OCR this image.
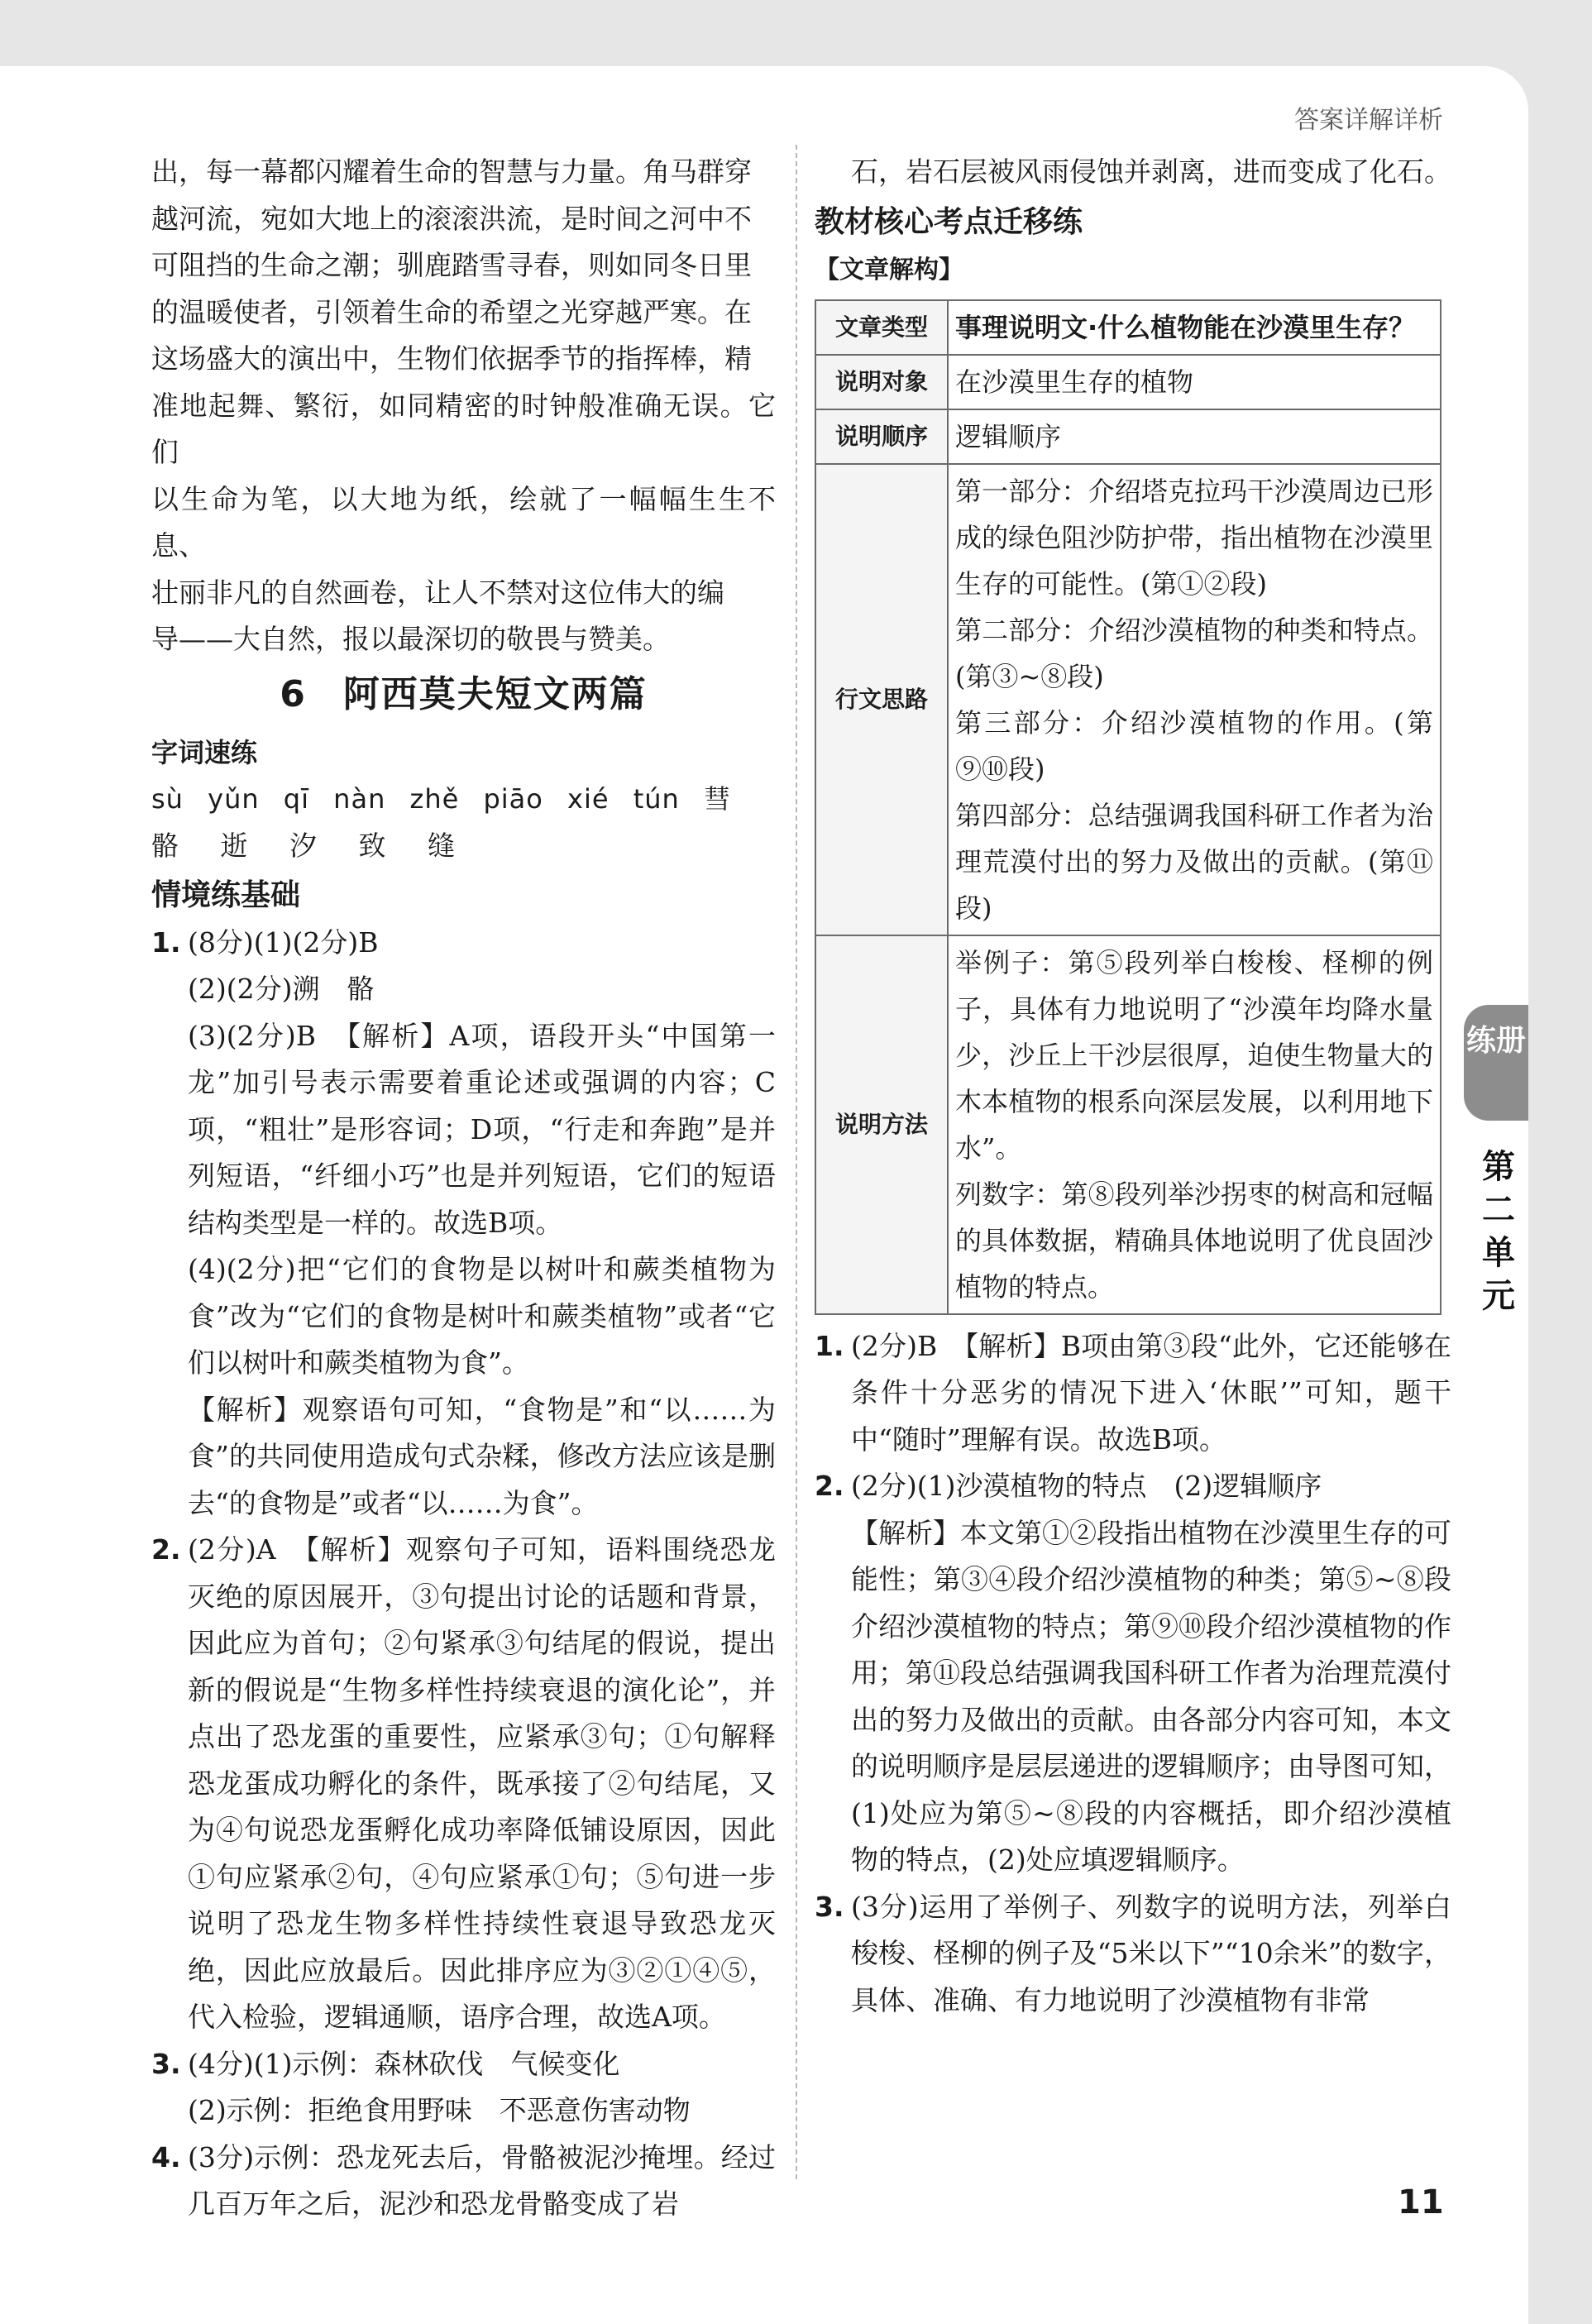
答案详解详析

出，每一幕都闪耀着生命的智慧与力量。角马群穿

越河流，宛如大地上的滚滚洪流，是时间之河中不

可阻挡的生命之潮；驯鹿踏雪寻春，则如同冬日里

的温暖使者，引领着生命的希望之光穿越严寒。在

这场盛大的演出中，生物们依据季节的指挥棒，精

准地起舞、繁衍，如同精密的时钟般准确无误。它们

以生命为笔，以大地为纸，绘就了一幅幅生生不息、

壮丽非凡的自然画卷，让人不禁对这位伟大的编

导——大自然，报以最深切的敬畏与赞美。

6 阿西莫夫短文两篇
字词速练

sù yǔn qī nàn zhě piāo xié tún 彗

骼 逝 汐 致 缝

情境练基础
1. (8分)(1)(2分)B

(2)(2分)溯　骼

(3)(2分)B　【解析】A项，语段开头“中国第一龙”加引号表示需要着重论述或强调的内容；C项，“粗壮”是形容词；D项，“行走和奔跑”是并列短语，“纤细小巧”也是并列短语，它们的短语结构类型是一样的。故选B项。

(4)(2分)把“它们的食物是以树叶和蕨类植物为食”改为“它们的食物是树叶和蕨类植物”或者“它们以树叶和蕨类植物为食”。

【解析】观察语句可知，“食物是”和“以……为食”的共同使用造成句式杂糅，修改方法应该是删去“的食物是”或者“以……为食”。

2. (2分)A　【解析】观察句子可知，语料围绕恐龙灭绝的原因展开，③句提出讨论的话题和背景，因此应为首句；②句紧承③句结尾的假说，提出新的假说是“生物多样性持续衰退的演化论”，并点出了恐龙蛋的重要性，应紧承③句；①句解释恐龙蛋成功孵化的条件，既承接了②句结尾，又为④句说恐龙蛋孵化成功率降低铺设原因，因此①句应紧承②句，④句应紧承①句；⑤句进一步说明了恐龙生物多样性持续性衰退导致恐龙灭绝，因此应放最后。因此排序应为③②①④⑤，代入检验，逻辑通顺，语序合理，故选A项。

3. (4分)(1)示例：森林砍伐　气候变化

(2)示例：拒绝食用野味　不恶意伤害动物

4. (3分)示例：恐龙死去后，骨骼被泥沙掩埋。经过几百万年之后，泥沙和恐龙骨骼变成了岩

石，岩石层被风雨侵蚀并剥离，进而变成了化石。

教材核心考点迁移练
【文章解构】
文章类型	事理说明文·什么植物能在沙漠里生存？
说明对象	在沙漠里生存的植物
说明顺序	逻辑顺序
行文思路	第一部分：介绍塔克拉玛干沙漠周边已形成的绿色阻沙防护带，指出植物在沙漠里生存的可能性。(第①②段)

第二部分：介绍沙漠植物的种类和特点。(第③~⑧段)

第三部分：介绍沙漠植物的作用。(第⑨⑩段)

第四部分：总结强调我国科研工作者为治理荒漠付出的努力及做出的贡献。(第⑪段)

说明方法	举例子：第⑤段列举白梭梭、柽柳的例子，具体有力地说明了“沙漠年均降水量少，沙丘上干沙层很厚，迫使生物量大的木本植物的根系向深层发展，以利用地下水”。

列数字：第⑧段列举沙拐枣的树高和冠幅的具体数据，精确具体地说明了优良固沙植物的特点。

1. (2分)B　【解析】B项由第③段“此外，它还能够在条件十分恶劣的情况下进入‘休眠’”可知，题干中“随时”理解有误。故选B项。

2. (2分)(1)沙漠植物的特点　(2)逻辑顺序

【解析】本文第①②段指出植物在沙漠里生存的可能性；第③④段介绍沙漠植物的种类；第⑤~⑧段介绍沙漠植物的特点；第⑨⑩段介绍沙漠植物的作用；第⑪段总结强调我国科研工作者为治理荒漠付出的努力及做出的贡献。由各部分内容可知，本文的说明顺序是层层递进的逻辑顺序；由导图可知，(1)处应为第⑤~⑧段的内容概括，即介绍沙漠植物的特点，(2)处应填逻辑顺序。

3. (3分)运用了举例子、列数字的说明方法，列举白梭梭、柽柳的例子及“5米以下”“10余米”的数字，具体、准确、有力地说明了沙漠植物有非常

练册
第二单元
11
